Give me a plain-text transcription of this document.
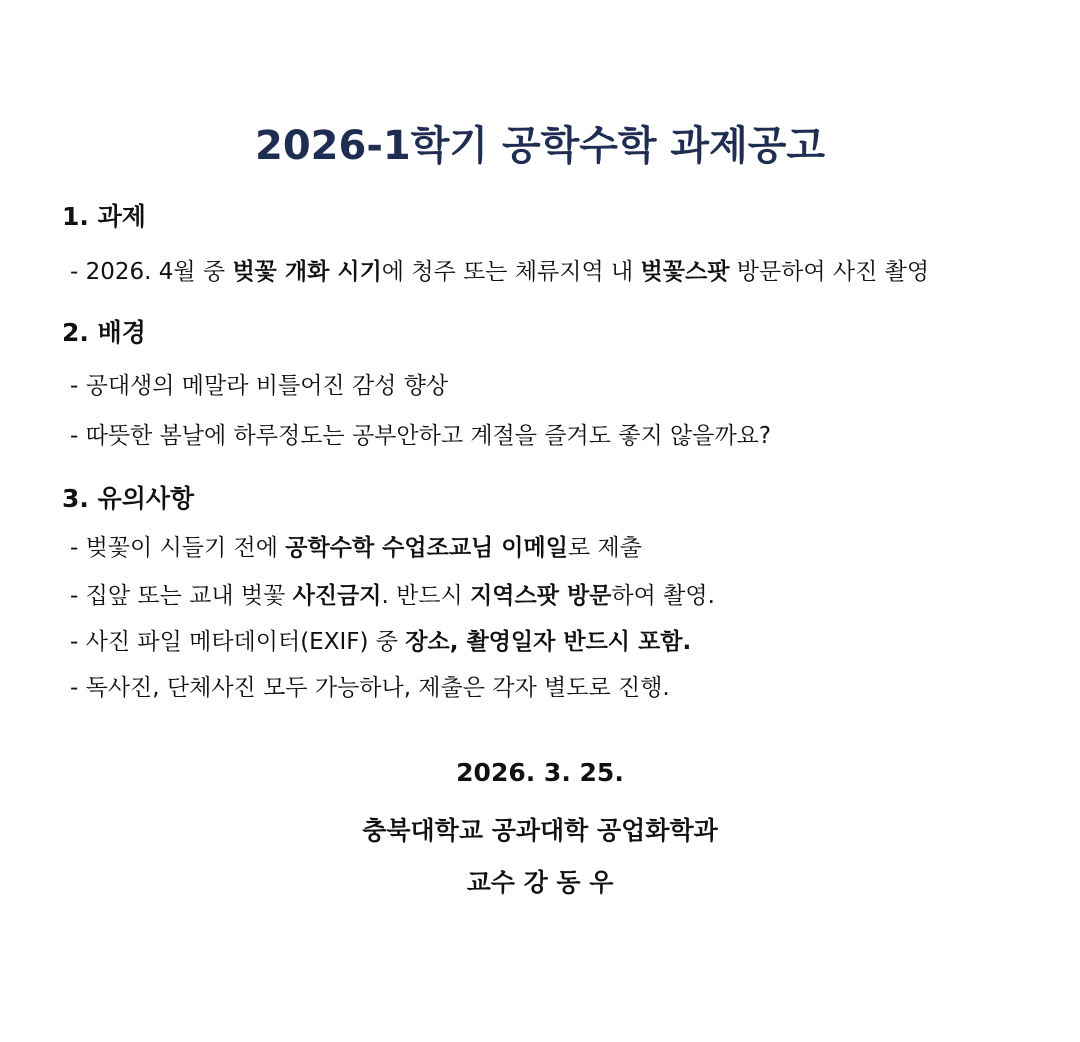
2026-1학기 공학수학 과제공고
1. 과제
- 2026. 4월 중 벚꽃 개화 시기에 청주 또는 체류지역 내 벚꽃스팟 방문하여 사진 촬영
2. 배경
- 공대생의 메말라 비틀어진 감성 향상
- 따뜻한 봄날에 하루정도는 공부안하고 계절을 즐겨도 좋지 않을까요?
3. 유의사항
- 벚꽃이 시들기 전에 공학수학 수업조교님 이메일로 제출
- 집앞 또는 교내 벚꽃 사진금지. 반드시 지역스팟 방문하여 촬영.
- 사진 파일 메타데이터(EXIF) 중 장소, 촬영일자 반드시 포함.
- 독사진, 단체사진 모두 가능하나, 제출은 각자 별도로 진행.
2026. 3. 25.
충북대학교 공과대학 공업화학과
교수 강 동 우
